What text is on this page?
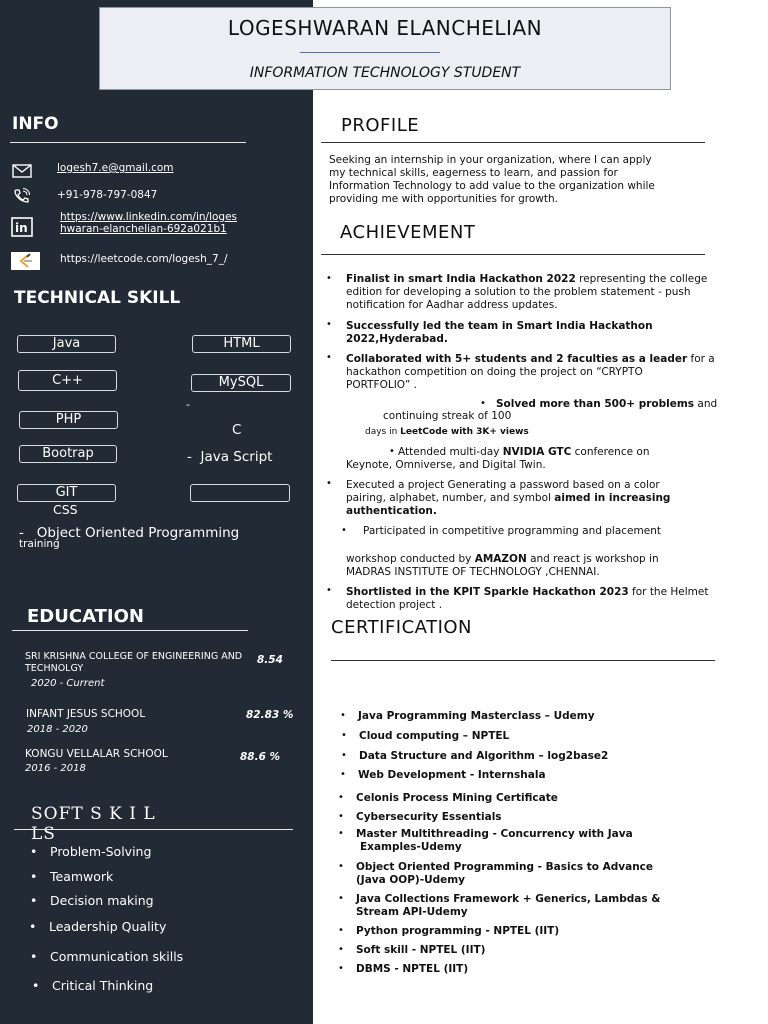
LOGESHWARAN ELANCHELIAN
INFORMATION TECHNOLOGY STUDENT
INFO
logesh7.e@gmail.com
+91-978-797-0847
in
https://www.linkedin.com/in/loges
hwaran-elanchelian-692a021b1
https://leetcode.com/logesh_7_/
TECHNICAL SKILL
Java	HTML
C++	MySQL
PHP
-
C
Bootrap	- Java Script
GIT
CSS
- Object Oriented Programming
training
EDUCATION
SRI KRISHNA COLLEGE OF ENGINEERING AND
TECHNOLGY
8.54
2020 - Current
INFANT JESUS SCHOOL	82.83 %
2018 - 2020
KONGU VELLALAR SCHOOL	88.6 %
2016 - 2018
SOFT S K I L
LS
• Problem-Solving
• Teamwork
• Decision making
• Leadership Quality
• Communication skills
• Critical Thinking
PROFILE
Seeking an internship in your organization, where I can apply
my technical skills, eagerness to learn, and passion for
Information Technology to add value to the organization while
providing me with opportunities for growth.
ACHIEVEMENT
• Finalist in smart India Hackathon 2022 representing the college
edition for developing a solution to the problem statement - push
notification for Aadhar address updates.
• Successfully led the team in Smart India Hackathon
2022,Hyderabad.
• Collaborated with 5+ students and 2 faculties as a leader for a
hackathon competition on doing the project on “CRYPTO
PORTFOLIO” .
• Solved more than 500+ problems and
continuing streak of 100
days in LeetCode with 3K+ views
• Attended multi-day NVIDIA GTC conference on
Keynote, Omniverse, and Digital Twin.
• Executed a project Generating a password based on a color
pairing, alphabet, number, and symbol aimed in increasing
authentication.
• Participated in competitive programming and placement
workshop conducted by AMAZON and react js workshop in
MADRAS INSTITUTE OF TECHNOLOGY ,CHENNAI.
• Shortlisted in the KPIT Sparkle Hackathon 2023 for the Helmet
detection project .
CERTIFICATION
• Java Programming Masterclass – Udemy
• Cloud computing – NPTEL
• Data Structure and Algorithm – log2base2
• Web Development - Internshala
• Celonis Process Mining Certificate
• Cybersecurity Essentials
• Master Multithreading - Concurrency with Java
Examples-Udemy
• Object Oriented Programming - Basics to Advance
(Java OOP)-Udemy
• Java Collections Framework + Generics, Lambdas &
Stream API-Udemy
• Python programming - NPTEL (IIT)
• Soft skill - NPTEL (IIT)
• DBMS - NPTEL (IIT)
